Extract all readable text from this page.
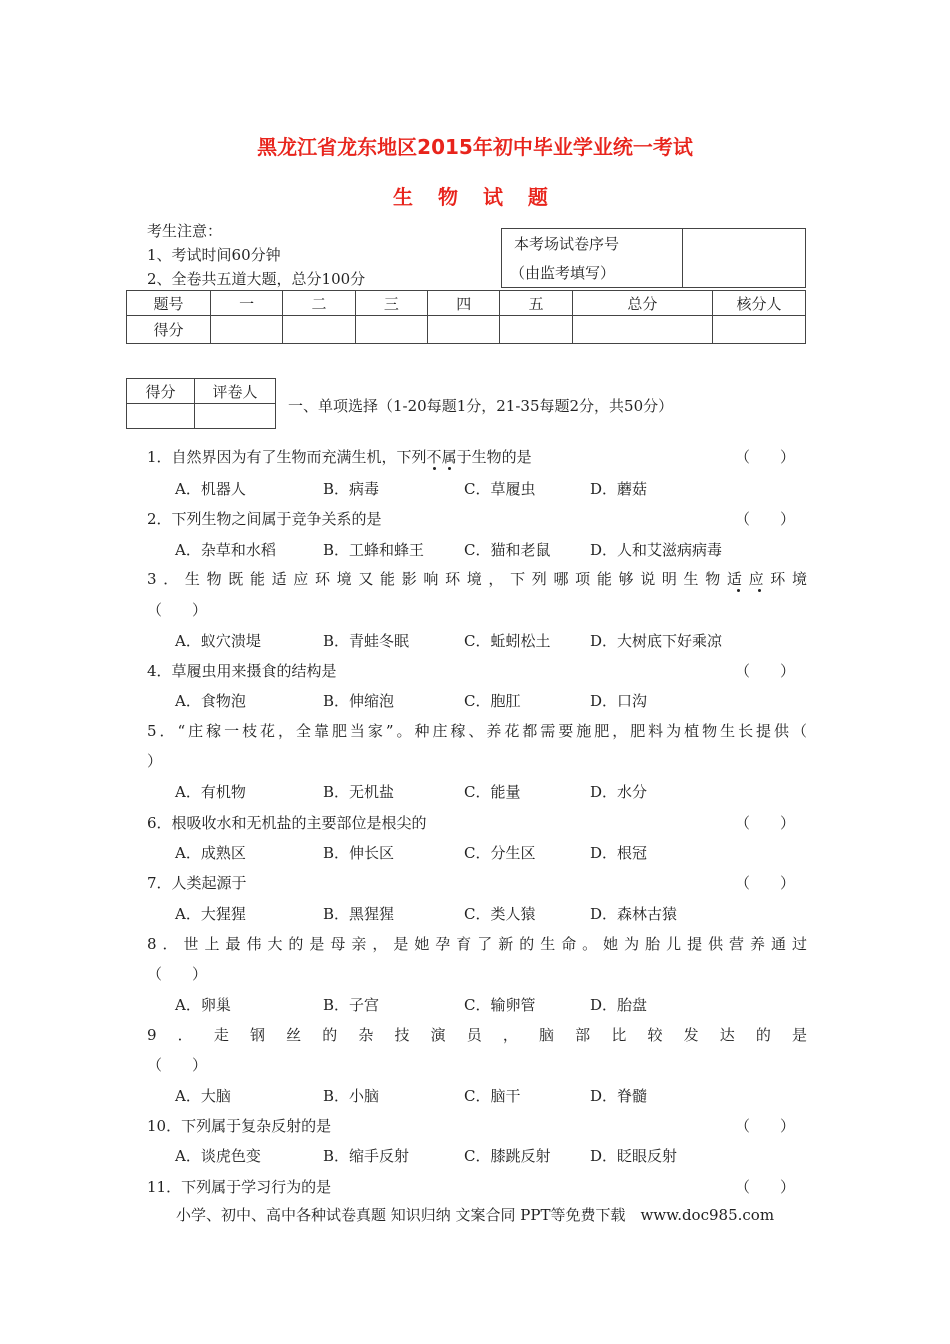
黑龙江省龙东地区2015年初中毕业学业统一考试
生 物 试 题
考生注意：
1、考试时间60分钟
2、全卷共五道大题，总分100分
本考场试卷序号	
（由监考填写）
题号	一	二	三	四	五	总分	核分人
得分							
得分	评卷人

一、单项选择（1-20每题1分，21-35每题2分，共50分）
1．自然界因为有了生物而充满生机，下列不属于生物的是	（　　）
A．机器人	B．病毒	C．草履虫	D．蘑菇
2．下列生物之间属于竞争关系的是	（　　）
A．杂草和水稻	B．工蜂和蜂王	C．猫和老鼠	D．人和艾滋病病毒
3．生物既能适应环境又能影响环境，下列哪项能够说明生物适应环境
（　　）
A．蚁穴溃堤	B．青蛙冬眠	C．蚯蚓松土	D．大树底下好乘凉
4．草履虫用来摄食的结构是	（　　）
A．食物泡	B．伸缩泡	C．胞肛	D．口沟
5．“庄稼一枝花，全靠肥当家”。种庄稼、养花都需要施肥，肥料为植物生长提供（
）
A．有机物	B．无机盐	C．能量	D．水分
6．根吸收水和无机盐的主要部位是根尖的	（　　）
A．成熟区	B．伸长区	C．分生区	D．根冠
7．人类起源于	（　　）
A．大猩猩	B．黑猩猩	C．类人猿	D．森林古猿
8．世上最伟大的是母亲，是她孕育了新的生命。她为胎儿提供营养通过
（　　）
A．卵巢	B．子宫	C．输卵管	D．胎盘
9．走钢丝的杂技演员，脑部比较发达的是
（　　）
A．大脑	B．小脑	C．脑干	D．脊髓
10．下列属于复杂反射的是	（　　）
A．谈虎色变	B．缩手反射	C．膝跳反射	D．眨眼反射
11．下列属于学习行为的是	（　　）
小学、初中、高中各种试卷真题 知识归纳 文案合同 PPT等免费下载　www.doc985.com
